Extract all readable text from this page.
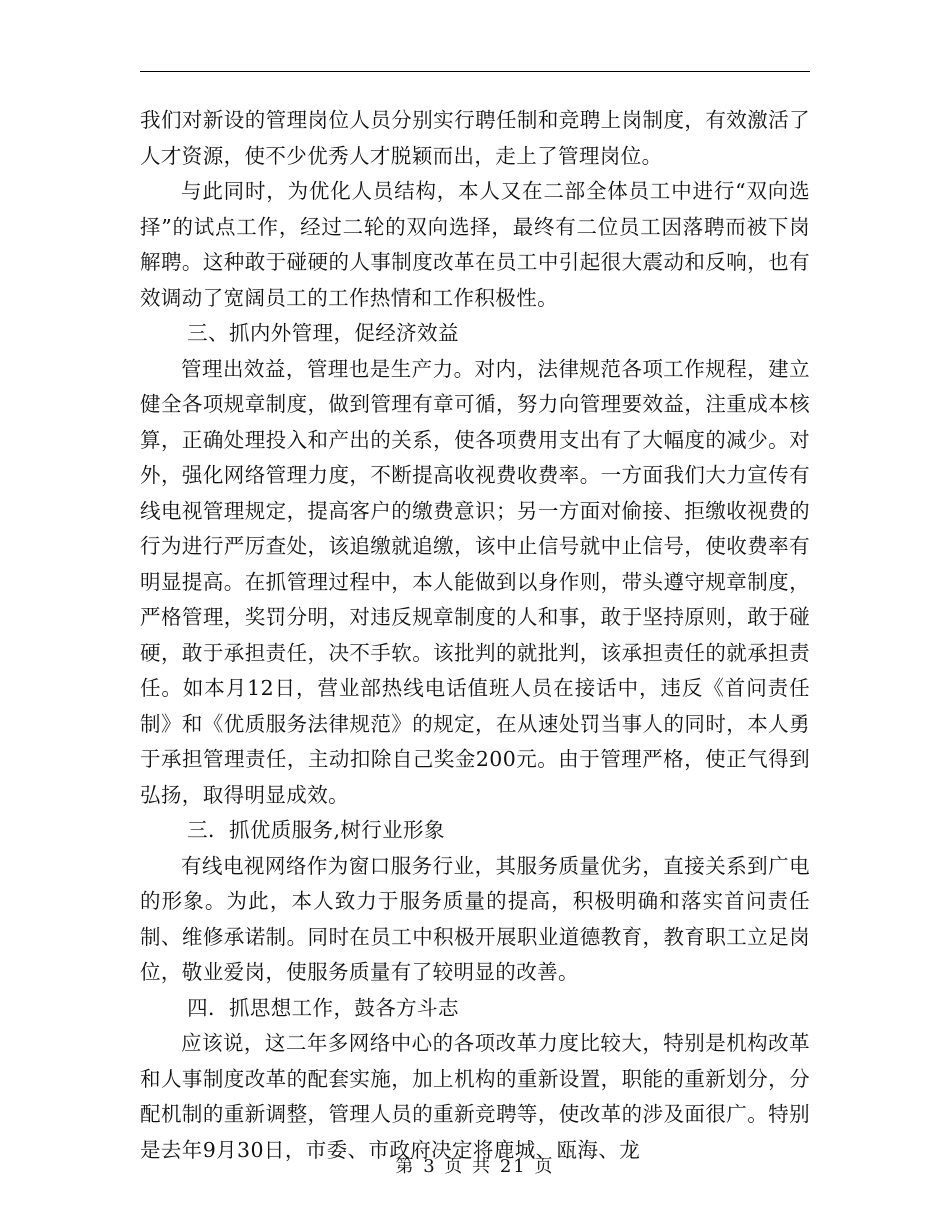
我们对新设的管理岗位人员分别实行聘任制和竞聘上岗制度，有效激活了人才资源，使不少优秀人才脱颖而出，走上了管理岗位。

与此同时，为优化人员结构，本人又在二部全体员工中进行“双向选择”的试点工作，经过二轮的双向选择，最终有二位员工因落聘而被下岗解聘。这种敢于碰硬的人事制度改革在员工中引起很大震动和反响，也有效调动了宽阔员工的工作热情和工作积极性。

三、抓内外管理，促经济效益

管理出效益，管理也是生产力。对内，法律规范各项工作规程，建立健全各项规章制度，做到管理有章可循，努力向管理要效益，注重成本核算，正确处理投入和产出的关系，使各项费用支出有了大幅度的减少。对外，强化网络管理力度，不断提高收视费收费率。一方面我们大力宣传有线电视管理规定，提高客户的缴费意识；另一方面对偷接、拒缴收视费的行为进行严厉查处，该追缴就追缴，该中止信号就中止信号，使收费率有明显提高。在抓管理过程中，本人能做到以身作则，带头遵守规章制度，严格管理，奖罚分明，对违反规章制度的人和事，敢于坚持原则，敢于碰硬，敢于承担责任，决不手软。该批判的就批判，该承担责任的就承担责任。如本月12日，营业部热线电话值班人员在接话中，违反《首问责任制》和《优质服务法律规范》的规定，在从速处罚当事人的同时，本人勇于承担管理责任，主动扣除自己奖金200元。由于管理严格，使正气得到弘扬，取得明显成效。

三．抓优质服务,树行业形象

有线电视网络作为窗口服务行业，其服务质量优劣，直接关系到广电的形象。为此，本人致力于服务质量的提高，积极明确和落实首问责任制、维修承诺制。同时在员工中积极开展职业道德教育，教育职工立足岗位，敬业爱岗，使服务质量有了较明显的改善。

四．抓思想工作，鼓各方斗志

应该说，这二年多网络中心的各项改革力度比较大，特别是机构改革和人事制度改革的配套实施，加上机构的重新设置，职能的重新划分，分配机制的重新调整，管理人员的重新竞聘等，使改革的涉及面很广。特别是去年9月30日，市委、市政府决定将鹿城、瓯海、龙

第 3 页 共 21 页
